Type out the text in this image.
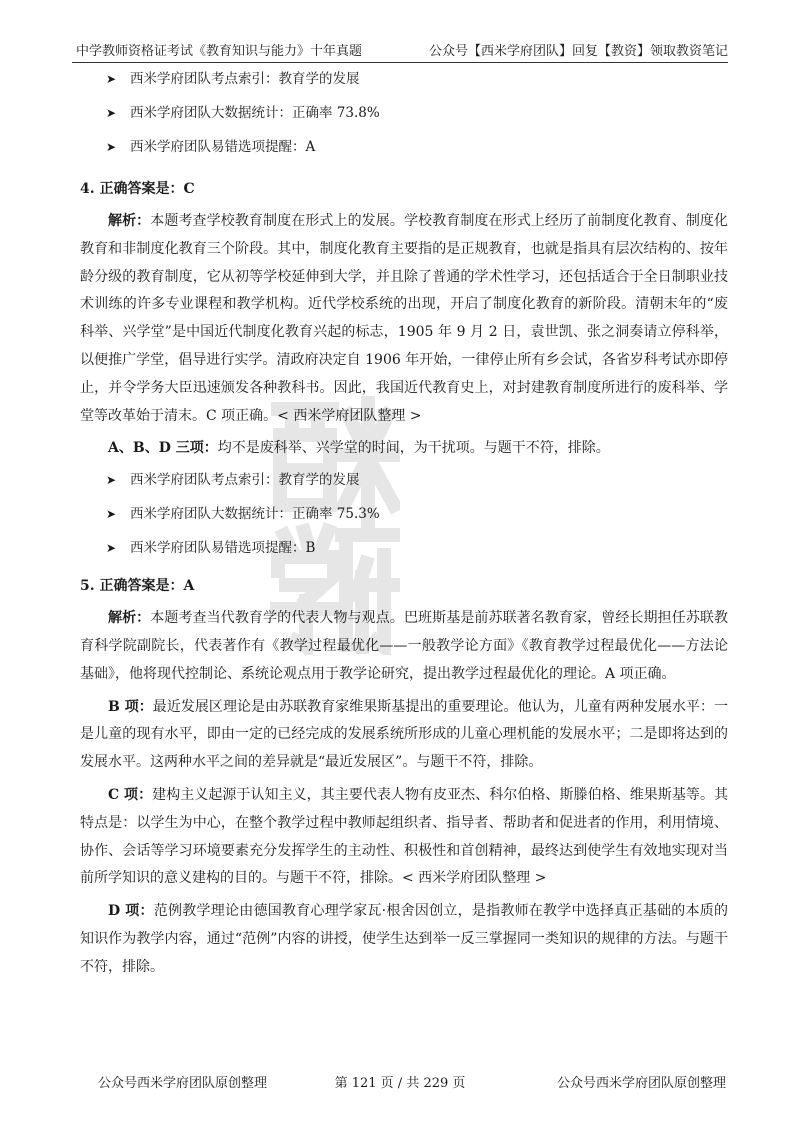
中学教师资格证考试《教育知识与能力》十年真题	公众号【西米学府团队】回复【教资】领取教资笔记
➤ 西米学府团队考点索引：教育学的发展
➤ 西米学府团队大数据统计：正确率 73.8%
➤ 西米学府团队易错选项提醒：A
4. 正确答案是：C

解析：本题考查学校教育制度在形式上的发展。学校教育制度在形式上经历了前制度化教育、制度化教育和非制度化教育三个阶段。其中，制度化教育主要指的是正规教育，也就是指具有层次结构的、按年龄分级的教育制度，它从初等学校延伸到大学，并且除了普通的学术性学习，还包括适合于全日制职业技术训练的许多专业课程和教学机构。近代学校系统的出现，开启了制度化教育的新阶段。清朝末年的“废科举、兴学堂”是中国近代制度化教育兴起的标志，1905 年 9 月 2 日，袁世凯、张之洞奏请立停科举，以便推广学堂，倡导进行实学。清政府决定自 1906 年开始，一律停止所有乡会试，各省岁科考试亦即停止，并令学务大臣迅速颁发各种教科书。因此，我国近代教育史上，对封建教育制度所进行的废科举、学堂等改革始于清末。C 项正确。< 西米学府团队整理 >

A、B、D 三项：均不是废科举、兴学堂的时间，为干扰项。与题干不符，排除。

➤ 西米学府团队考点索引：教育学的发展
➤ 西米学府团队大数据统计：正确率 75.3%
➤ 西米学府团队易错选项提醒：B
5. 正确答案是：A

解析：本题考查当代教育学的代表人物与观点。巴班斯基是前苏联著名教育家，曾经长期担任苏联教育科学院副院长，代表著作有《教学过程最优化——一般教学论方面》《教育教学过程最优化——方法论基础》，他将现代控制论、系统论观点用于教学论研究，提出教学过程最优化的理论。A 项正确。

B 项：最近发展区理论是由苏联教育家维果斯基提出的重要理论。他认为，儿童有两种发展水平：一是儿童的现有水平，即由一定的已经完成的发展系统所形成的儿童心理机能的发展水平；二是即将达到的发展水平。这两种水平之间的差异就是“最近发展区”。与题干不符，排除。

C 项：建构主义起源于认知主义，其主要代表人物有皮亚杰、科尔伯格、斯滕伯格、维果斯基等。其特点是：以学生为中心，在整个教学过程中教师起组织者、指导者、帮助者和促进者的作用，利用情境、协作、会话等学习环境要素充分发挥学生的主动性、积极性和首创精神，最终达到使学生有效地实现对当前所学知识的意义建构的目的。与题干不符，排除。< 西米学府团队整理 >

D 项：范例教学理论由德国教育心理学家瓦·根舍因创立，是指教师在教学中选择真正基础的本质的知识作为教学内容，通过“范例”内容的讲授，使学生达到举一反三掌握同一类知识的规律的方法。与题干不符，排除。

公众号西米学府团队原创整理	第 121 页 / 共 229 页	公众号西米学府团队原创整理
